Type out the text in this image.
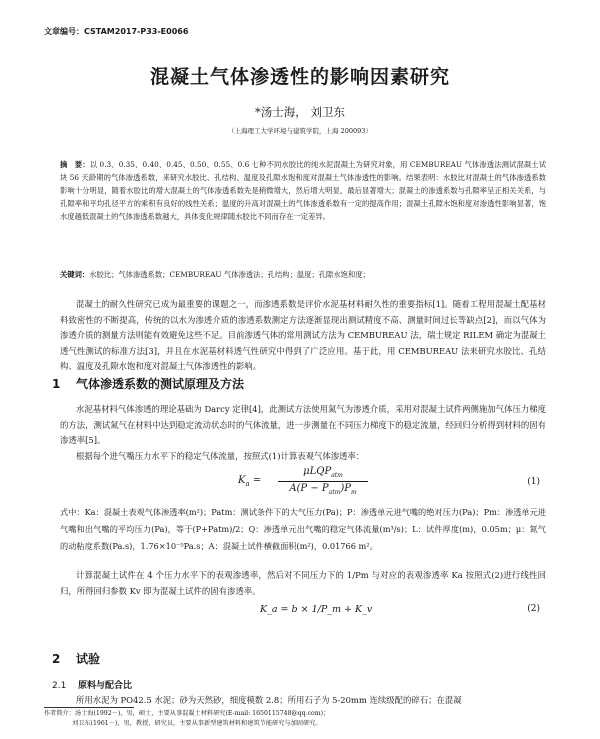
文章编号：CSTAM2017-P33-E0066
混凝土气体渗透性的影响因素研究
*汤士海， 刘卫东
（上海理工大学环境与建筑学院，上海 200093）
摘　要：以 0.3、0.35、0.40、0.45、0.50、0.55、0.6 七种不同水胶比的纯水泥混凝土为研究对象，用 CEMBUREAU 气体渗透法测试混凝土试块 56 天龄期的气体渗透系数，来研究水胶比、孔结构、温度及孔隙水饱和度对混凝土气体渗透性的影响。结果表明：水胶比对混凝土的气体渗透系数影响十分明显，随着水胶比的增大混凝土的气体渗透系数先是稍微增大，然后增大明显，最后显著增大；混凝土的渗透系数与孔隙率呈正相关关系，与孔隙率和平均孔径平方的乘积有良好的线性关系；温度的升高对混凝土的气体渗透系数有一定的提高作用；混凝土孔隙水饱和度对渗透性影响显著，饱水度越低混凝土的气体渗透系数越大，具体变化规律随水胶比不同而存在一定差异。
关键词：水胶比；气体渗透系数；CEMBUREAU 气体渗透法；孔结构；温度；孔隙水饱和度；
混凝土的耐久性研究已成为最重要的课题之一，而渗透系数是评价水泥基材料耐久性的重要指标[1]。随着工程用混凝土配基材料致密性的不断提高，传统的以水为渗透介质的渗透系数测定方法逐渐显现出测试精度不高、测量时间过长等缺点[2]，而以气体为渗透介质的测量方法则能有效避免这些不足。目前渗透气体的常用测试方法为 CEMBUREAU 法，瑞士规定 RILEM 确定为混凝土透气性测试的标准方法[3]，并且在水泥基材料透气性研究中得到了广泛应用。基于此，用 CEMBUREAU 法来研究水胶比、孔结构、温度及孔隙水饱和度对混凝土气体渗透性的影响。
1 气体渗透系数的测试原理及方法
水泥基材料气体渗透的理论基础为 Darcy 定律[4]，此测试方法使用氮气为渗透介质，采用对混凝土试件两侧施加气体压力梯度的方法，测试氮气在材料中达到稳定流动状态时的气体流量，进一步测量在不同压力梯度下的稳定流量，经回归分析得到材料的固有渗透率[5]。
根据每个进气嘴压力水平下的稳定气体流量，按照式(1)计算表观气体渗透率：
$K_a$ =
μLQP$_{atm}$
$A(P - P_{atm})P_m$
(1)
式中：Ka：混凝土表观气体渗透率(m²)；Patm：测试条件下的大气压力(Pa)；P：渗透单元进气嘴的绝对压力(Pa)；Pm：渗透单元进气嘴和出气嘴的平均压力(Pa)，等于(P+Patm)/2；Q：渗透单元出气嘴的稳定气体流量(m³/s)；L：试件厚度(m)，0.05m；μ：氮气的动粘度系数(Pa.s)，1.76×10⁻⁵Pa.s；A：混凝土试件横截面积(m²)，0.01766 m²。
计算混凝土试件在 4 个压力水平下的表观渗透率，然后对不同压力下的 1/Pm 与对应的表观渗透率 Ka 按照式(2)进行线性回归，所得回归参数 Kv 即为混凝土试件的固有渗透率。
K_a = b × 1/P_m + K_v	(2)
2 试验
2.1 原料与配合比
所用水泥为 PO42.5 水泥；砂为天然砂，细度模数 2.8；所用石子为 5-20mm 连续级配的碎石；在混凝
作者简介：汤士海(1992－)，男，硕士，主要从事混凝土材料研究(E-mail: 1650115748@qq.com)；
刘卫东(1961－)，男，教授，研究员，主要从事新型建筑材料和建筑节能研究与加固研究。
